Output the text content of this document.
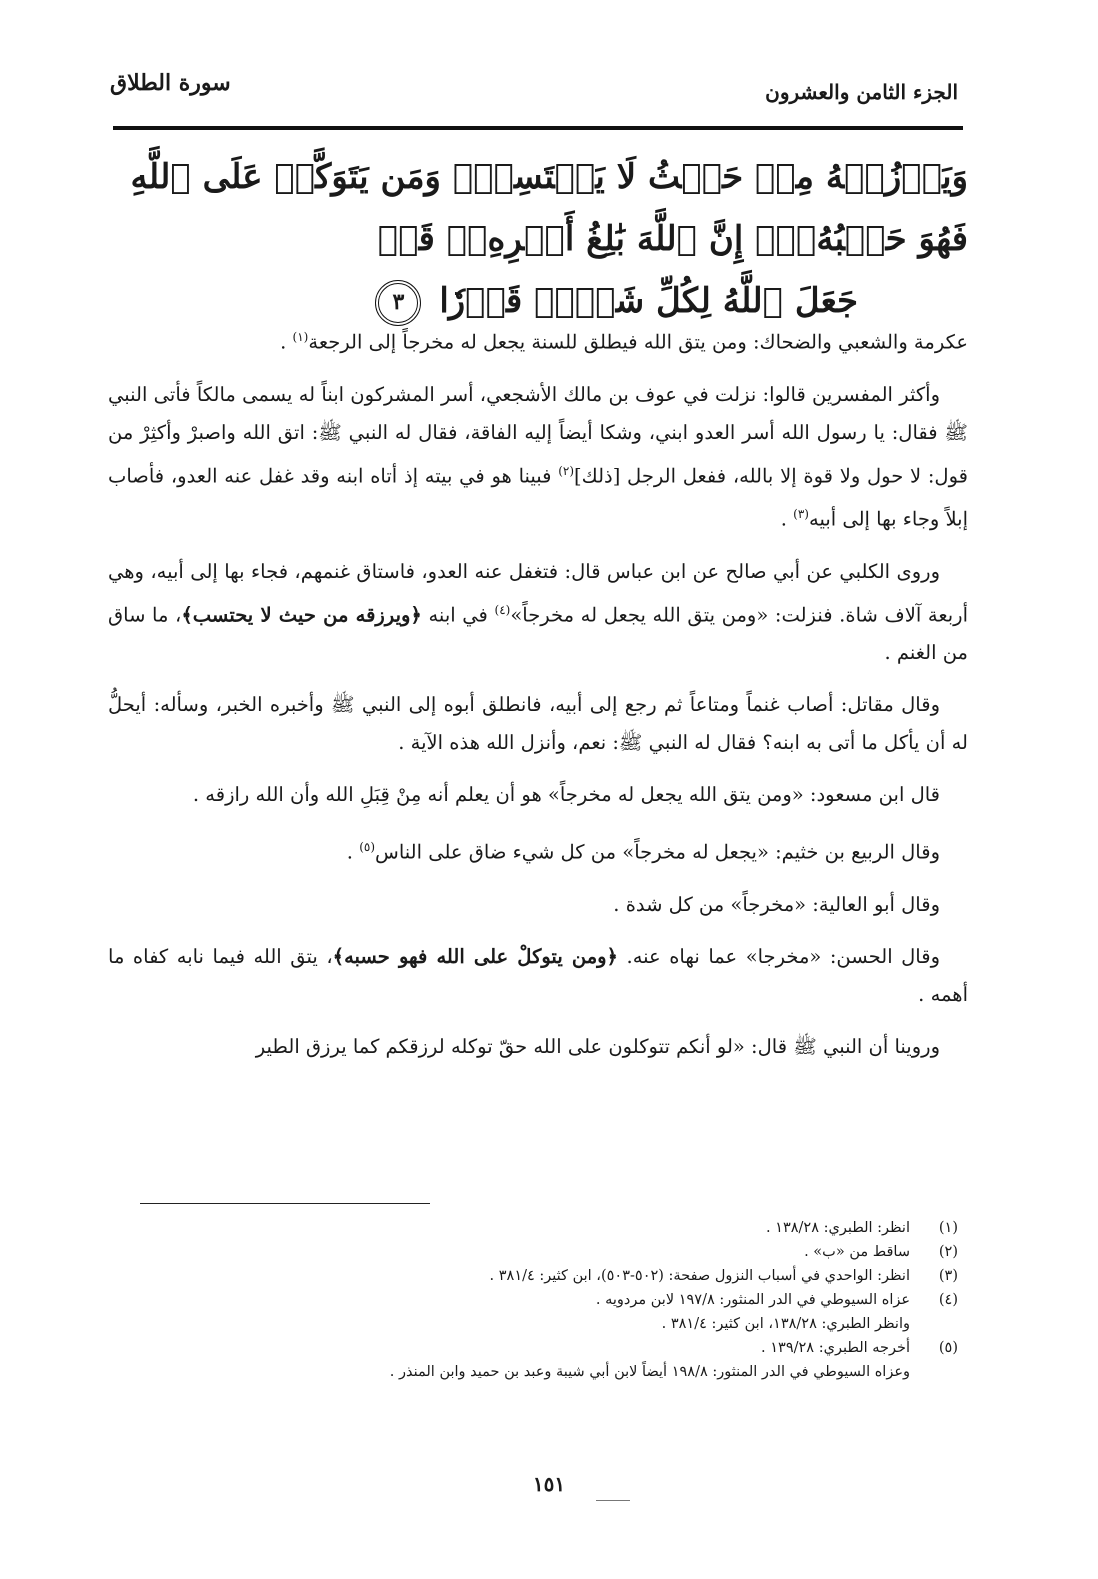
الجزء الثامن والعشرون
سورة الطلاق
وَيَرۡزُقۡهُ مِنۡ حَيۡثُ لَا يَحۡتَسِبُۚ وَمَن يَتَوَكَّلۡ عَلَى ٱللَّهِ فَهُوَ حَسۡبُهُۥٓۚ إِنَّ ٱللَّهَ بَٰلِغُ أَمۡرِهِۦۚ قَدۡ
جَعَلَ ٱللَّهُ لِكُلِّ شَيۡءٖ قَدۡرٗا ٣

عكرمة والشعبي والضحاك: ومن يتق الله فيطلق للسنة يجعل له مخرجاً إلى الرجعة$^{(١)}$ .

وأكثر المفسرين قالوا: نزلت في عوف بن مالك الأشجعي، أسر المشركون ابناً له يسمى مالكاً فأتى النبي ﷺ فقال: يا رسول الله أسر العدو ابني، وشكا أيضاً إليه الفاقة، فقال له النبي ﷺ: اتق الله واصبرْ وأكثِرْ من قول: لا حول ولا قوة إلا بالله، ففعل الرجل [ذلك]$^{(٢)}$ فبينا هو في بيته إذ أتاه ابنه وقد غفل عنه العدو، فأصاب إبلاً وجاء بها إلى أبيه$^{(٣)}$ .

وروى الكلبي عن أبي صالح عن ابن عباس قال: فتغفل عنه العدو، فاستاق غنمهم، فجاء بها إلى أبيه، وهي أربعة آلاف شاة. فنزلت: «ومن يتق الله يجعل له مخرجاً»$^{(٤)}$ في ابنه ﴿ويرزقه من حيث لا يحتسب﴾، ما ساق من الغنم .

وقال مقاتل: أصاب غنماً ومتاعاً ثم رجع إلى أبيه، فانطلق أبوه إلى النبي ﷺ وأخبره الخبر، وسأله: أيحلُّ له أن يأكل ما أتى به ابنه؟ فقال له النبي ﷺ: نعم، وأنزل الله هذه الآية .

قال ابن مسعود: «ومن يتق الله يجعل له مخرجاً» هو أن يعلم أنه مِنْ قِبَلِ الله وأن الله رازقه .

وقال الربيع بن خثيم: «يجعل له مخرجاً» من كل شيء ضاق على الناس$^{(٥)}$ .

وقال أبو العالية: «مخرجاً» من كل شدة .

وقال الحسن: «مخرجا» عما نهاه عنه. ﴿ومن يتوكلْ على الله فهو حسبه﴾، يتق الله فيما نابه كفاه ما أهمه .

وروينا أن النبي ﷺ قال: «لو أنكم تتوكلون على الله حقّ توكله لرزقكم كما يرزق الطير

(١)
انظر: الطبري: ١٣٨/٢٨ .
(٢)
ساقط من «ب» .
(٣)
انظر: الواحدي في أسباب النزول صفحة: (٥٠٢-٥٠٣)، ابن كثير: ٣٨١/٤ .
(٤)
عزاه السيوطي في الدر المنثور: ١٩٧/٨ لابن مردويه .
وانظر الطبري: ١٣٨/٢٨، ابن كثير: ٣٨١/٤ .
(٥)
أخرجه الطبري: ١٣٩/٢٨ .
وعزاه السيوطي في الدر المنثور: ١٩٨/٨ أيضاً لابن أبي شيبة وعبد بن حميد وابن المنذر .
١٥١
